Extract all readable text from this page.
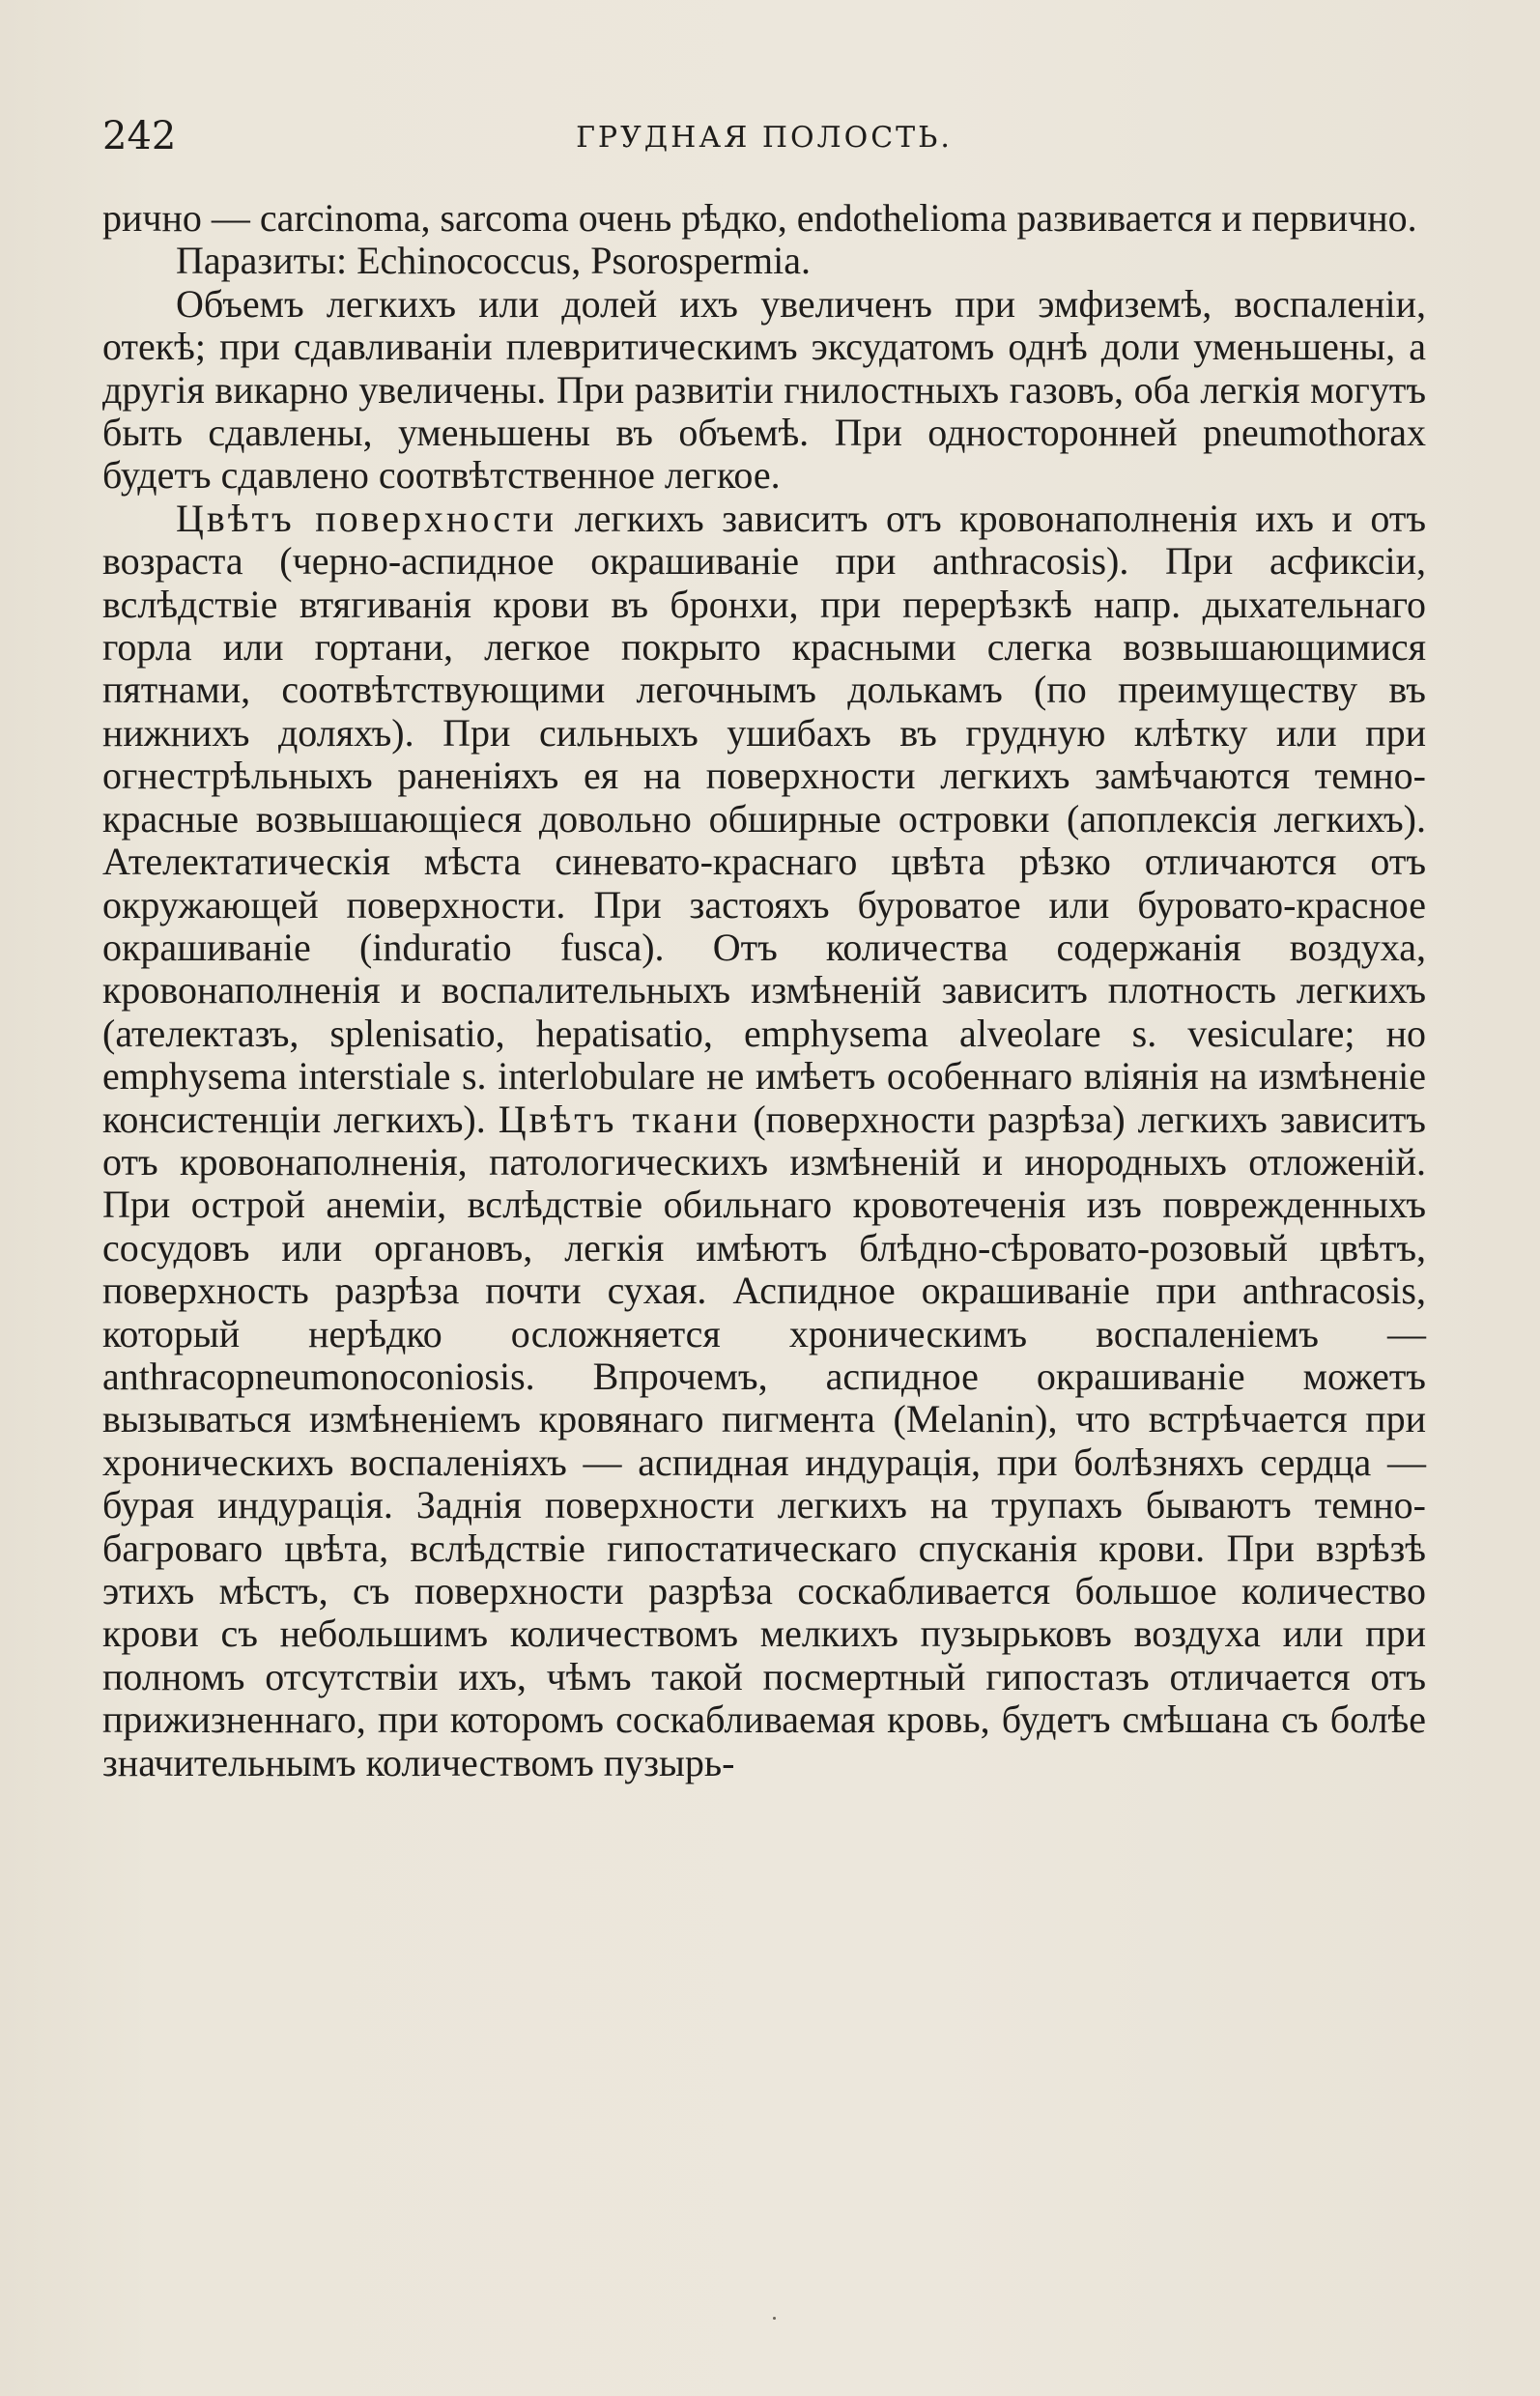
242	ГРУДНАЯ ПОЛОСТЬ.

рично — carcinoma, sarcoma очень рѣдко, endothelioma развивается и первично.

Паразиты: Echinococcus, Psorospermia.

Объемъ легкихъ или долей ихъ увеличенъ при эмфиземѣ, воспаленіи, отекѣ; при сдавливаніи плевритическимъ эксудатомъ однѣ доли уменьшены, а другія викарно увеличены. При развитіи гнилостныхъ газовъ, оба легкія могутъ быть сдавлены, уменьшены въ объемѣ. При односторонней pneumothorax будетъ сдавлено соотвѣтственное легкое.

Цвѣтъ поверхности легкихъ зависитъ отъ кровонаполненія ихъ и отъ возраста (черно-аспидное окрашиваніе при anthracosis). При асфиксіи, вслѣдствіе втягиванія крови въ бронхи, при перерѣзкѣ напр. дыхательнаго горла или гортани, легкое покрыто красными слегка возвышающимися пятнами, соотвѣтствующими легочнымъ долькамъ (по преимуществу въ нижнихъ доляхъ). При сильныхъ ушибахъ въ грудную клѣтку или при огнестрѣльныхъ раненіяхъ ея на поверхности легкихъ замѣчаются темно-красные возвышающіеся довольно обширные островки (апоплексія легкихъ). Ателектатическія мѣста синевато-краснаго цвѣта рѣзко отличаются отъ окружающей поверхности. При застояхъ буроватое или буровато-красное окрашиваніе (induratio fusca). Отъ количества содержанія воздуха, кровонаполненія и воспалительныхъ измѣненій зависитъ плотность легкихъ (ателектазъ, splenisatio, hepatisatio, emphysema alveolare s. vesiculare; но emphysema interstiale s. interlobulare не имѣетъ особеннаго вліянія на измѣненіе консистенціи легкихъ). Цвѣтъ ткани (поверхности разрѣза) легкихъ зависитъ отъ кровонаполненія, патологическихъ измѣненій и инородныхъ отложеній. При острой анеміи, вслѣдствіе обильнаго кровотеченія изъ поврежденныхъ сосудовъ или органовъ, легкія имѣютъ блѣдно-сѣровато-розовый цвѣтъ, поверхность разрѣза почти сухая. Аспидное окрашиваніе при anthracosis, который нерѣдко осложняется хроническимъ воспаленіемъ — anthracopneumonoconiosis. Впрочемъ, аспидное окрашиваніе можетъ вызываться измѣненіемъ кровянаго пигмента (Melanin), что встрѣчается при хроническихъ воспаленіяхъ — аспидная индурація, при болѣзняхъ сердца — бурая индурація. Заднія поверхности легкихъ на трупахъ бываютъ темно-багроваго цвѣта, вслѣдствіе гипостатическаго спусканія крови. При взрѣзѣ этихъ мѣстъ, съ поверхности разрѣза соскабливается большое количество крови съ небольшимъ количествомъ мелкихъ пузырьковъ воздуха или при полномъ отсутствіи ихъ, чѣмъ такой посмертный гипостазъ отличается отъ прижизненнаго, при которомъ соскабливаемая кровь, будетъ смѣшана съ болѣе значительнымъ количествомъ пузырь-
